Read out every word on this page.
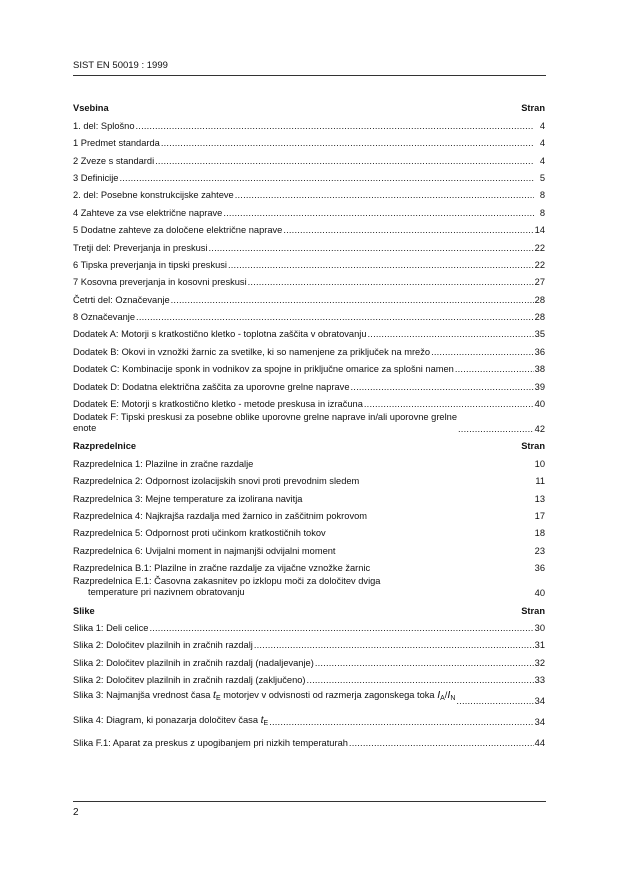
SIST EN 50019 : 1999
Vsebina	Stran
1. del: Splošno .....	4
1 Predmet standarda .....	4
2 Zveze s standardi .....	4
3 Definicije .....	5
2. del: Posebne konstrukcijske zahteve .....	8
4 Zahteve za vse električne naprave .....	8
5 Dodatne zahteve za določene električne naprave .....	14
Tretji del: Preverjanja in preskusi .....	22
6 Tipska preverjanja in tipski preskusi .....	22
7 Kosovna preverjanja in kosovni preskusi .....	27
Četrti del: Označevanje .....	28
8 Označevanje .....	28
Dodatek A: Motorji s kratkostično kletko - toplotna zaščita v obratovanju .....	35
Dodatek B: Okovi in vznožki žarnic za svetilke, ki so namenjene za priključek na mrežo .....	36
Dodatek C: Kombinacije sponk in vodnikov za spojne in priključne omarice za splošni namen .....	38
Dodatek D: Dodatna električna zaščita za uporovne grelne naprave .....	39
Dodatek E: Motorji s kratkostično kletko - metode preskusa in izračuna .....	40
Dodatek F: Tipski preskusi za posebne oblike uporovne grelne naprave in/ali uporovne grelne
enote .....	42
Razpredelnice	Stran
Razpredelnica 1: Plazilne in zračne razdalje	10
Razpredelnica 2: Odpornost izolacijskih snovi proti prevodnim sledem	11
Razpredelnica 3: Mejne temperature za izolirana navitja	13
Razpredelnica 4: Najkrajša razdalja med žarnico in zaščitnim pokrovom	17
Razpredelnica 5: Odpornost proti učinkom kratkostičnih tokov	18
Razpredelnica 6: Uvijalni moment in najmanjši odvijalni moment	23
Razpredelnica B.1: Plazilne in zračne razdalje za vijačne vznožke žarnic	36
Razpredelnica E.1: Časovna zakasnitev po izklopu moči za določitev dviga
temperature pri nazivnem obratovanju	40
Slike	Stran
Slika 1: Deli celice .....	30
Slika 2: Določitev plazilnih in zračnih razdalj .....	31
Slika 2: Določitev plazilnih in zračnih razdalj (nadaljevanje) .....	32
Slika 2: Določitev plazilnih in zračnih razdalj (zaključeno) .....	33
Slika 3: Najmanjša vrednost časa $t_E$ motorjev v odvisnosti od razmerja zagonskega toka $I_A/I_N$ .....	34
Slika 4: Diagram, ki ponazarja določitev časa $t_E$ .....	34
Slika F.1: Aparat za preskus z upogibanjem pri nizkih temperaturah .....	44
2
